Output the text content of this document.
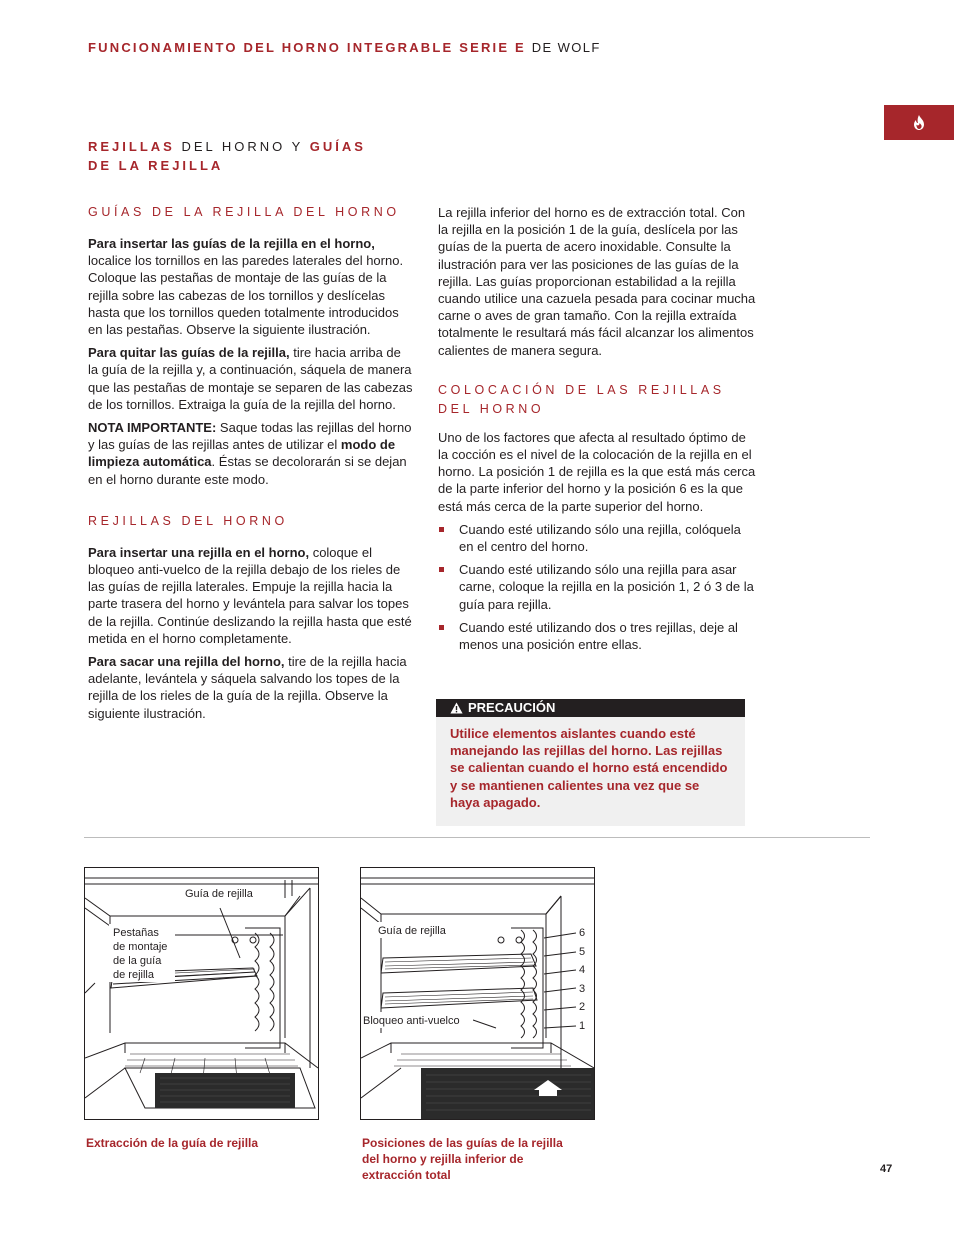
FUNCIONAMIENTO DEL HORNO INTEGRABLE SERIE E DE WOLF
REJILLAS DEL HORNO Y GUÍAS
DE LA REJILLA
GUÍAS DE LA REJILLA DEL HORNO

Para insertar las guías de la rejilla en el horno, localice los tornillos en las paredes laterales del horno. Coloque las pestañas de montaje de las guías de la rejilla sobre las cabezas de los tornillos y deslícelas hasta que los tornillos queden totalmente introducidos en las pestañas. Observe la siguiente ilustración.

Para quitar las guías de la rejilla, tire hacia arriba de la guía de la rejilla y, a continuación, sáquela de manera que las pestañas de montaje se separen de las cabezas de los tornillos. Extraiga la guía de la rejilla del horno.

NOTA IMPORTANTE: Saque todas las rejillas del horno y las guías de las rejillas antes de utilizar el modo de limpieza automática. Éstas se decolorarán si se dejan en el horno durante este modo.

REJILLAS DEL HORNO

Para insertar una rejilla en el horno, coloque el bloqueo anti-vuelco de la rejilla debajo de los rieles de las guías de rejilla laterales. Empuje la rejilla hacia la parte trasera del horno y levántela para salvar los topes de la rejilla. Continúe deslizando la rejilla hasta que esté metida en el horno completamente.

Para sacar una rejilla del horno, tire de la rejilla hacia adelante, levántela y sáquela salvando los topes de la rejilla de los rieles de la guía de la rejilla. Observe la siguiente ilustración.

La rejilla inferior del horno es de extracción total. Con la rejilla en la posición 1 de la guía, deslícela por las guías de la puerta de acero inoxidable. Consulte la ilustración para ver las posiciones de las guías de la rejilla. Las guías proporcionan estabilidad a la rejilla cuando utilice una cazuela pesada para cocinar mucha carne o aves de gran tamaño. Con la rejilla extraída totalmente le resultará más fácil alcanzar los alimentos calientes de manera segura.

COLOCACIÓN DE LAS REJILLAS DEL HORNO

Uno de los factores que afecta al resultado óptimo de la cocción es el nivel de la colocación de la rejilla en el horno. La posición 1 de rejilla es la que está más cerca de la parte inferior del horno y la posición 6 es la que está más cerca de la parte superior del horno.

Cuando esté utilizando sólo una rejilla, colóquela en el centro del horno.
Cuando esté utilizando sólo una rejilla para asar carne, coloque la rejilla en la posición 1, 2 ó 3 de la guía para rejilla.
Cuando esté utilizando dos o tres rejillas, deje al menos una posición entre ellas.
PRECAUCIÓN
Utilice elementos aislantes cuando esté manejando las rejillas del horno. Las rejillas se calientan cuando el horno está encendido y se mantienen calientes una vez que se haya apagado.
Guía de rejilla
Pestañas
de montaje
de la guía
de rejilla
Extracción de la guía de rejilla
Guía de rejilla
Bloqueo anti-vuelco
6
5
4
3
2
1
Posiciones de las guías de la rejilla del horno y rejilla inferior de extracción total	47
